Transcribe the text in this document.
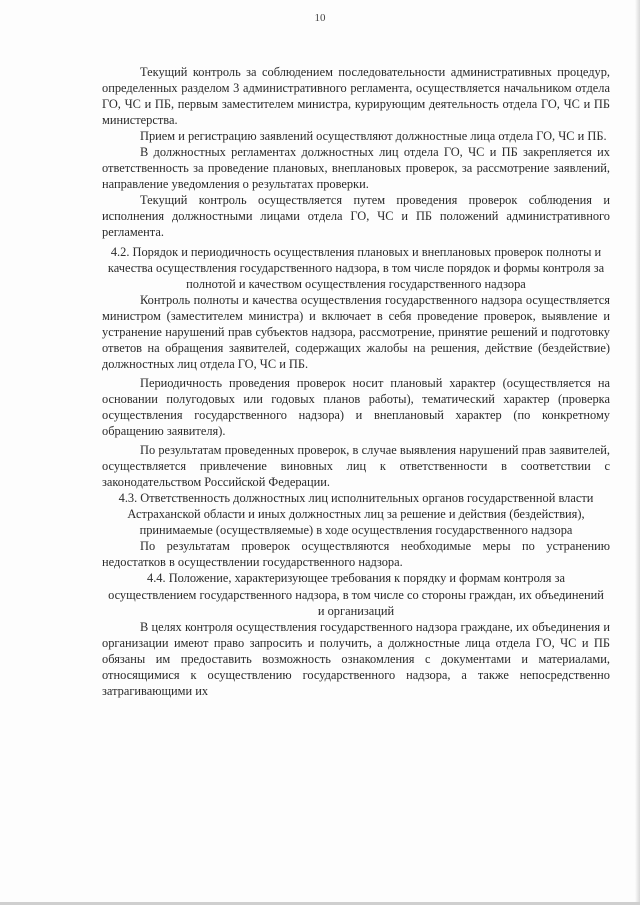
10

Текущий контроль за соблюдением последовательности административных процедур, определенных разделом 3 административного регламента, осуществляется начальником отдела ГО, ЧС и ПБ, первым заместителем министра, курирующим деятельность отдела ГО, ЧС и ПБ министерства.

Прием и регистрацию заявлений осуществляют должностные лица отдела ГО, ЧС и ПБ.

В должностных регламентах должностных лиц отдела ГО, ЧС и ПБ закрепляется их ответственность за проведение плановых, внеплановых проверок, за рассмотрение заявлений, направление уведомления о результатах проверки.

Текущий контроль осуществляется путем проведения проверок соблюдения и исполнения должностными лицами отдела ГО, ЧС и ПБ положений административного регламента.

4.2. Порядок и периодичность осуществления плановых и внеплановых проверок полноты и качества осуществления государственного надзора, в том числе порядок и формы контроля за полнотой и качеством осуществления государственного надзора

Контроль полноты и качества осуществления государственного надзора осуществляется министром (заместителем министра) и включает в себя проведение проверок, выявление и устранение нарушений прав субъектов надзора, рассмотрение, принятие решений и подготовку ответов на обращения заявителей, содержащих жалобы на решения, действие (бездействие) должностных лиц отдела ГО, ЧС и ПБ.

Периодичность проведения проверок носит плановый характер (осуществляется на основании полугодовых или годовых планов работы), тематический характер (проверка осуществления государственного надзора) и внеплановый характер (по конкретному обращению заявителя).

По результатам проведенных проверок, в случае выявления нарушений прав заявителей, осуществляется привлечение виновных лиц к ответственности в соответствии с законодательством Российской Федерации.

4.3. Ответственность должностных лиц исполнительных органов государственной власти Астраханской области и иных должностных лиц за решение и действия (бездействия), принимаемые (осуществляемые) в ходе осуществления государственного надзора

По результатам проверок осуществляются необходимые меры по устранению недостатков в осуществлении государственного надзора.

4.4. Положение, характеризующее требования к порядку и формам контроля за осуществлением государственного надзора, в том числе со стороны граждан, их объединений и организаций

В целях контроля осуществления государственного надзора граждане, их объединения и организации имеют право запросить и получить, а должностные лица отдела ГО, ЧС и ПБ обязаны им предоставить возможность ознакомления с документами и материалами, относящимися к осуществлению государственного надзора, а также непосредственно затрагивающими их
